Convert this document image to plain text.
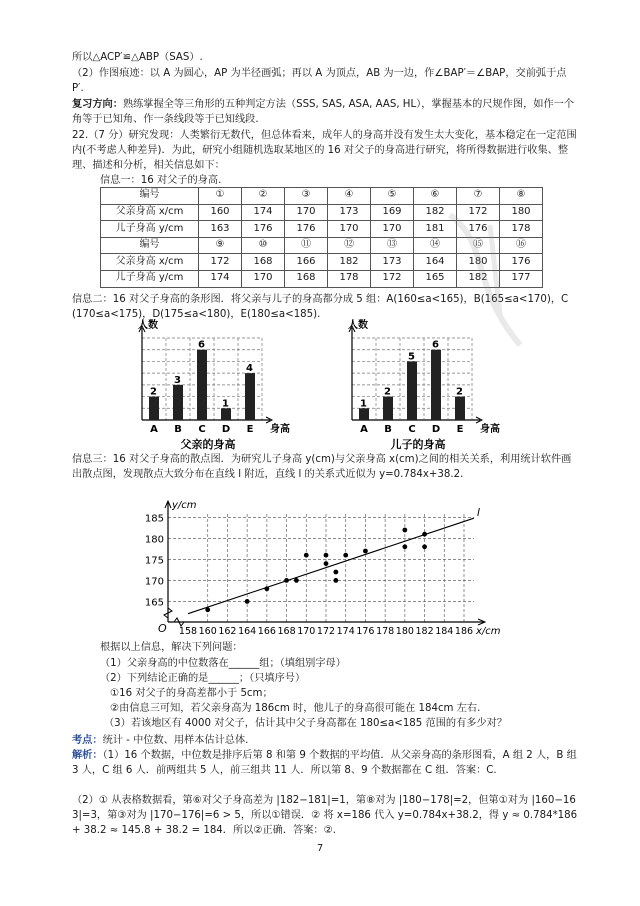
所以△ACP′≌△ABP（SAS）.
（2）作图痕迹：以 A 为圆心，AP 为半径画弧；再以 A 为顶点，AB 为一边，作∠BAP′＝∠BAP，交前弧于点 P′.
复习方向：熟练掌握全等三角形的五种判定方法（SSS, SAS, ASA, AAS, HL），掌握基本的尺规作图，如作一个角等于已知角、作一条线段等于已知线段.
22.（7 分）研究发现：人类繁衍无数代，但总体看来，成年人的身高并没有发生太大变化，基本稳定在一定范围内(不考虑人种差异)．为此，研究小组随机选取某地区的 16 对父子的身高进行研究，将所得数据进行收集、整理、描述和分析，相关信息如下：
信息一：16 对父子的身高.
编号	①	②	③	④	⑤	⑥	⑦	⑧
父亲身高 x/cm	160	174	170	173	169	182	172	180
儿子身高 y/cm	163	176	176	170	170	181	176	178
编号	⑨	⑩	⑪	⑫	⑬	⑭	⑮	⑯
父亲身高 x/cm	172	168	166	182	173	164	180	176
儿子身高 y/cm	174	170	168	178	172	165	182	177
信息二：16 对父子身高的条形图．将父亲与儿子的身高都分成 5 组：A(160≤a<165)，B(165≤a<170)，C(170≤a<175)，D(175≤a<180)，E(180≤a<185).
人数
2
A
3
B
6
C
1
D
4
E 身高
父亲的身高
人数
1
A
2
B
5
C
6
D
2
E 身高
儿子的身高
信息三：16 对父子身高的散点图．为研究儿子身高 y(cm)与父亲身高 x(cm)之间的相关关系，利用统计软件画出散点图，发现散点大致分布在直线 l 附近，直线 l 的关系式近似为 y=0.784x+38.2.
165
170
175
180
185
158 160 162 164 166 168 170 172 174 176 178 180 182 184 186
y/cm
x/cm
O
l
根据以上信息，解决下列问题：
（1）父亲身高的中位数落在______组；（填组别字母）
（2）下列结论正确的是______；（只填序号）
①16 对父子的身高差都小于 5cm；
②由信息三可知，若父亲身高为 186cm 时，他儿子的身高很可能在 184cm 左右.
（3）若该地区有 4000 对父子，估计其中父子身高都在 180≤a<185 范围的有多少对？
考点：统计 - 中位数、用样本估计总体.
解析：（1）16 个数据，中位数是排序后第 8 和第 9 个数据的平均值．从父亲身高的条形图看，A 组 2 人，B 组 3 人，C 组 6 人．前两组共 5 人，前三组共 11 人．所以第 8、9 个数据都在 C 组．答案：C.
（2）① 从表格数据看，第⑥对父子身高差为 |182−181|=1，第⑧对为 |180−178|=2，但第①对为 |160−163|=3，第③对为 |170−176|=6 > 5，所以①错误．② 将 x=186 代入 y=0.784x+38.2，得 y ≈ 0.784*186 + 38.2 ≈ 145.8 + 38.2 = 184．所以②正确．答案：②.
7
